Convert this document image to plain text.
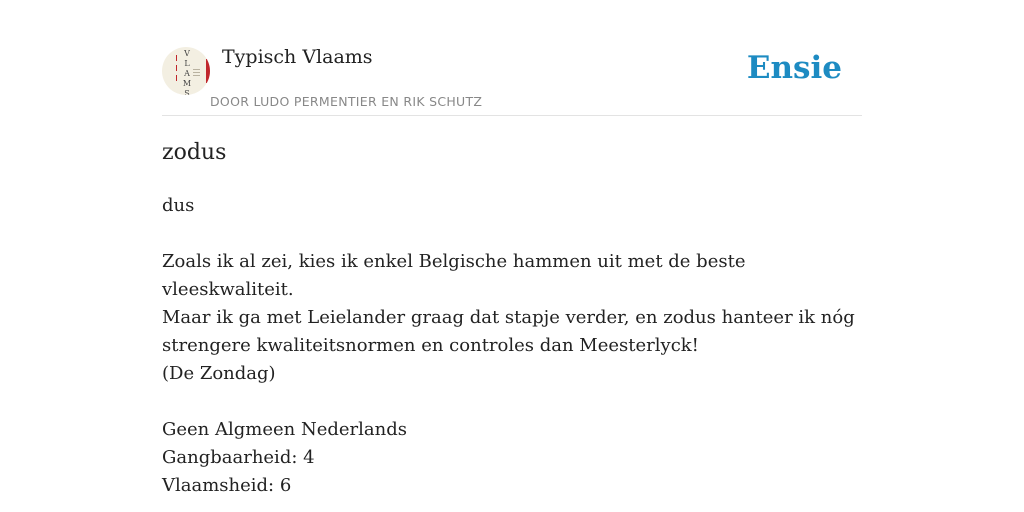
V
L
A
M
S
Typisch Vlaams
DOOR LUDO PERMENTIER EN RIK SCHUTZ
Ensie
zodus

dus

Zoals ik al zei, kies ik enkel Belgische hammen uit met de beste vleeskwaliteit.

Maar ik ga met Leielander graag dat stapje verder, en zodus hanteer ik nóg

strengere kwaliteitsnormen en controles dan Meesterlyck!

(De Zondag)

Geen Algmeen Nederlands

Gangbaarheid: 4

Vlaamsheid: 6
